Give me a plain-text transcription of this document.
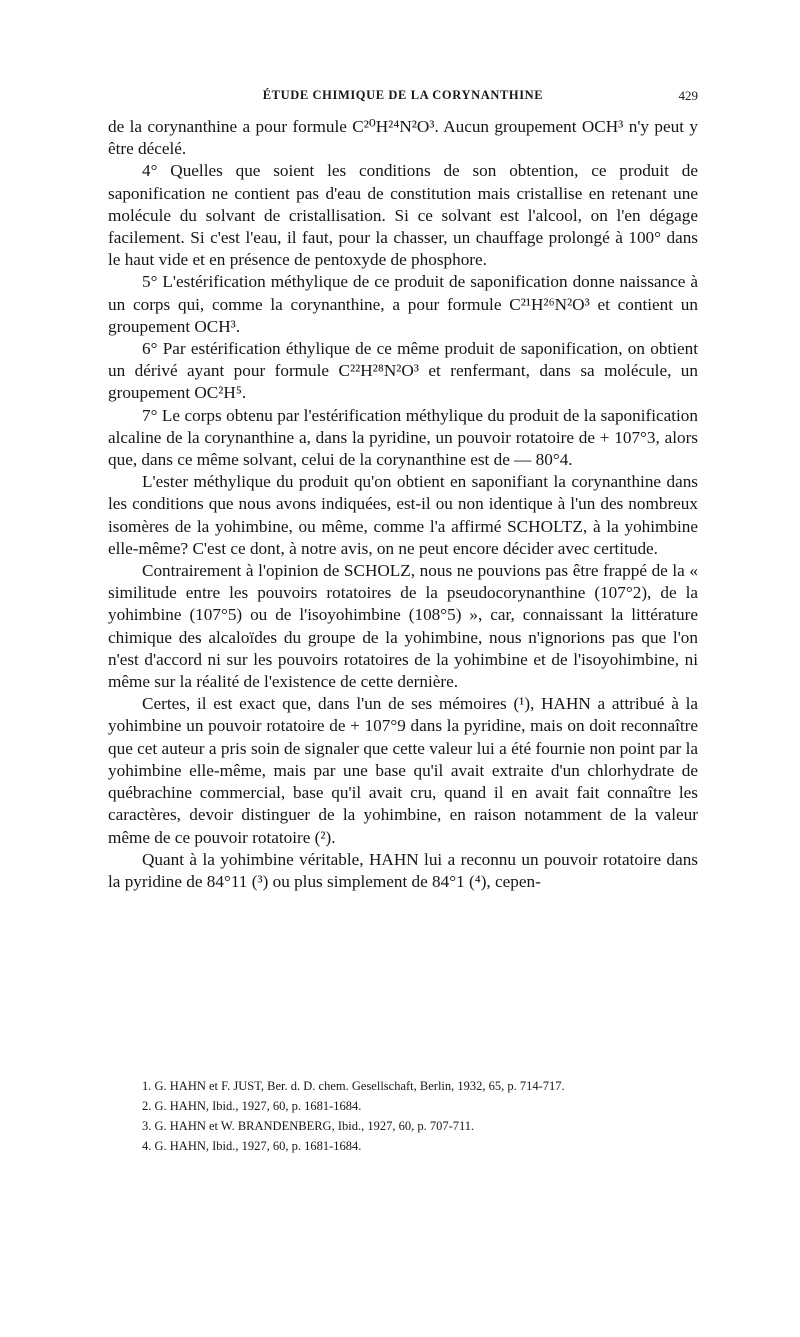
ÉTUDE CHIMIQUE DE LA CORYNANTHINE	429

de la corynanthine a pour formule C²⁰H²⁴N²O³. Aucun groupement OCH³ n'y peut y être décelé.

4° Quelles que soient les conditions de son obtention, ce produit de saponification ne contient pas d'eau de constitution mais cristallise en retenant une molécule du solvant de cristallisation. Si ce solvant est l'alcool, on l'en dégage facilement. Si c'est l'eau, il faut, pour la chasser, un chauffage prolongé à 100° dans le haut vide et en présence de pentoxyde de phosphore.

5° L'estérification méthylique de ce produit de saponification donne naissance à un corps qui, comme la corynanthine, a pour formule C²¹H²⁶N²O³ et contient un groupement OCH³.

6° Par estérification éthylique de ce même produit de saponification, on obtient un dérivé ayant pour formule C²²H²⁸N²O³ et renfermant, dans sa molécule, un groupement OC²H⁵.

7° Le corps obtenu par l'estérification méthylique du produit de la saponification alcaline de la corynanthine a, dans la pyridine, un pouvoir rotatoire de + 107°3, alors que, dans ce même solvant, celui de la corynanthine est de — 80°4.

L'ester méthylique du produit qu'on obtient en saponifiant la corynanthine dans les conditions que nous avons indiquées, est-il ou non identique à l'un des nombreux isomères de la yohimbine, ou même, comme l'a affirmé SCHOLTZ, à la yohimbine elle-même? C'est ce dont, à notre avis, on ne peut encore décider avec certitude.

Contrairement à l'opinion de SCHOLZ, nous ne pouvions pas être frappé de la « similitude entre les pouvoirs rotatoires de la pseudocorynanthine (107°2), de la yohimbine (107°5) ou de l'isoyohimbine (108°5) », car, connaissant la littérature chimique des alcaloïdes du groupe de la yohimbine, nous n'ignorions pas que l'on n'est d'accord ni sur les pouvoirs rotatoires de la yohimbine et de l'isoyohimbine, ni même sur la réalité de l'existence de cette dernière.

Certes, il est exact que, dans l'un de ses mémoires (¹), HAHN a attribué à la yohimbine un pouvoir rotatoire de + 107°9 dans la pyridine, mais on doit reconnaître que cet auteur a pris soin de signaler que cette valeur lui a été fournie non point par la yohimbine elle-même, mais par une base qu'il avait extraite d'un chlorhydrate de québrachine commercial, base qu'il avait cru, quand il en avait fait connaître les caractères, devoir distinguer de la yohimbine, en raison notamment de la valeur même de ce pouvoir rotatoire (²).

Quant à la yohimbine véritable, HAHN lui a reconnu un pouvoir rotatoire dans la pyridine de 84°11 (³) ou plus simplement de 84°1 (⁴), cepen-

1. G. HAHN et F. JUST, Ber. d. D. chem. Gesellschaft, Berlin, 1932, 65, p. 714-717.

2. G. HAHN, Ibid., 1927, 60, p. 1681-1684.

3. G. HAHN et W. BRANDENBERG, Ibid., 1927, 60, p. 707-711.

4. G. HAHN, Ibid., 1927, 60, p. 1681-1684.
